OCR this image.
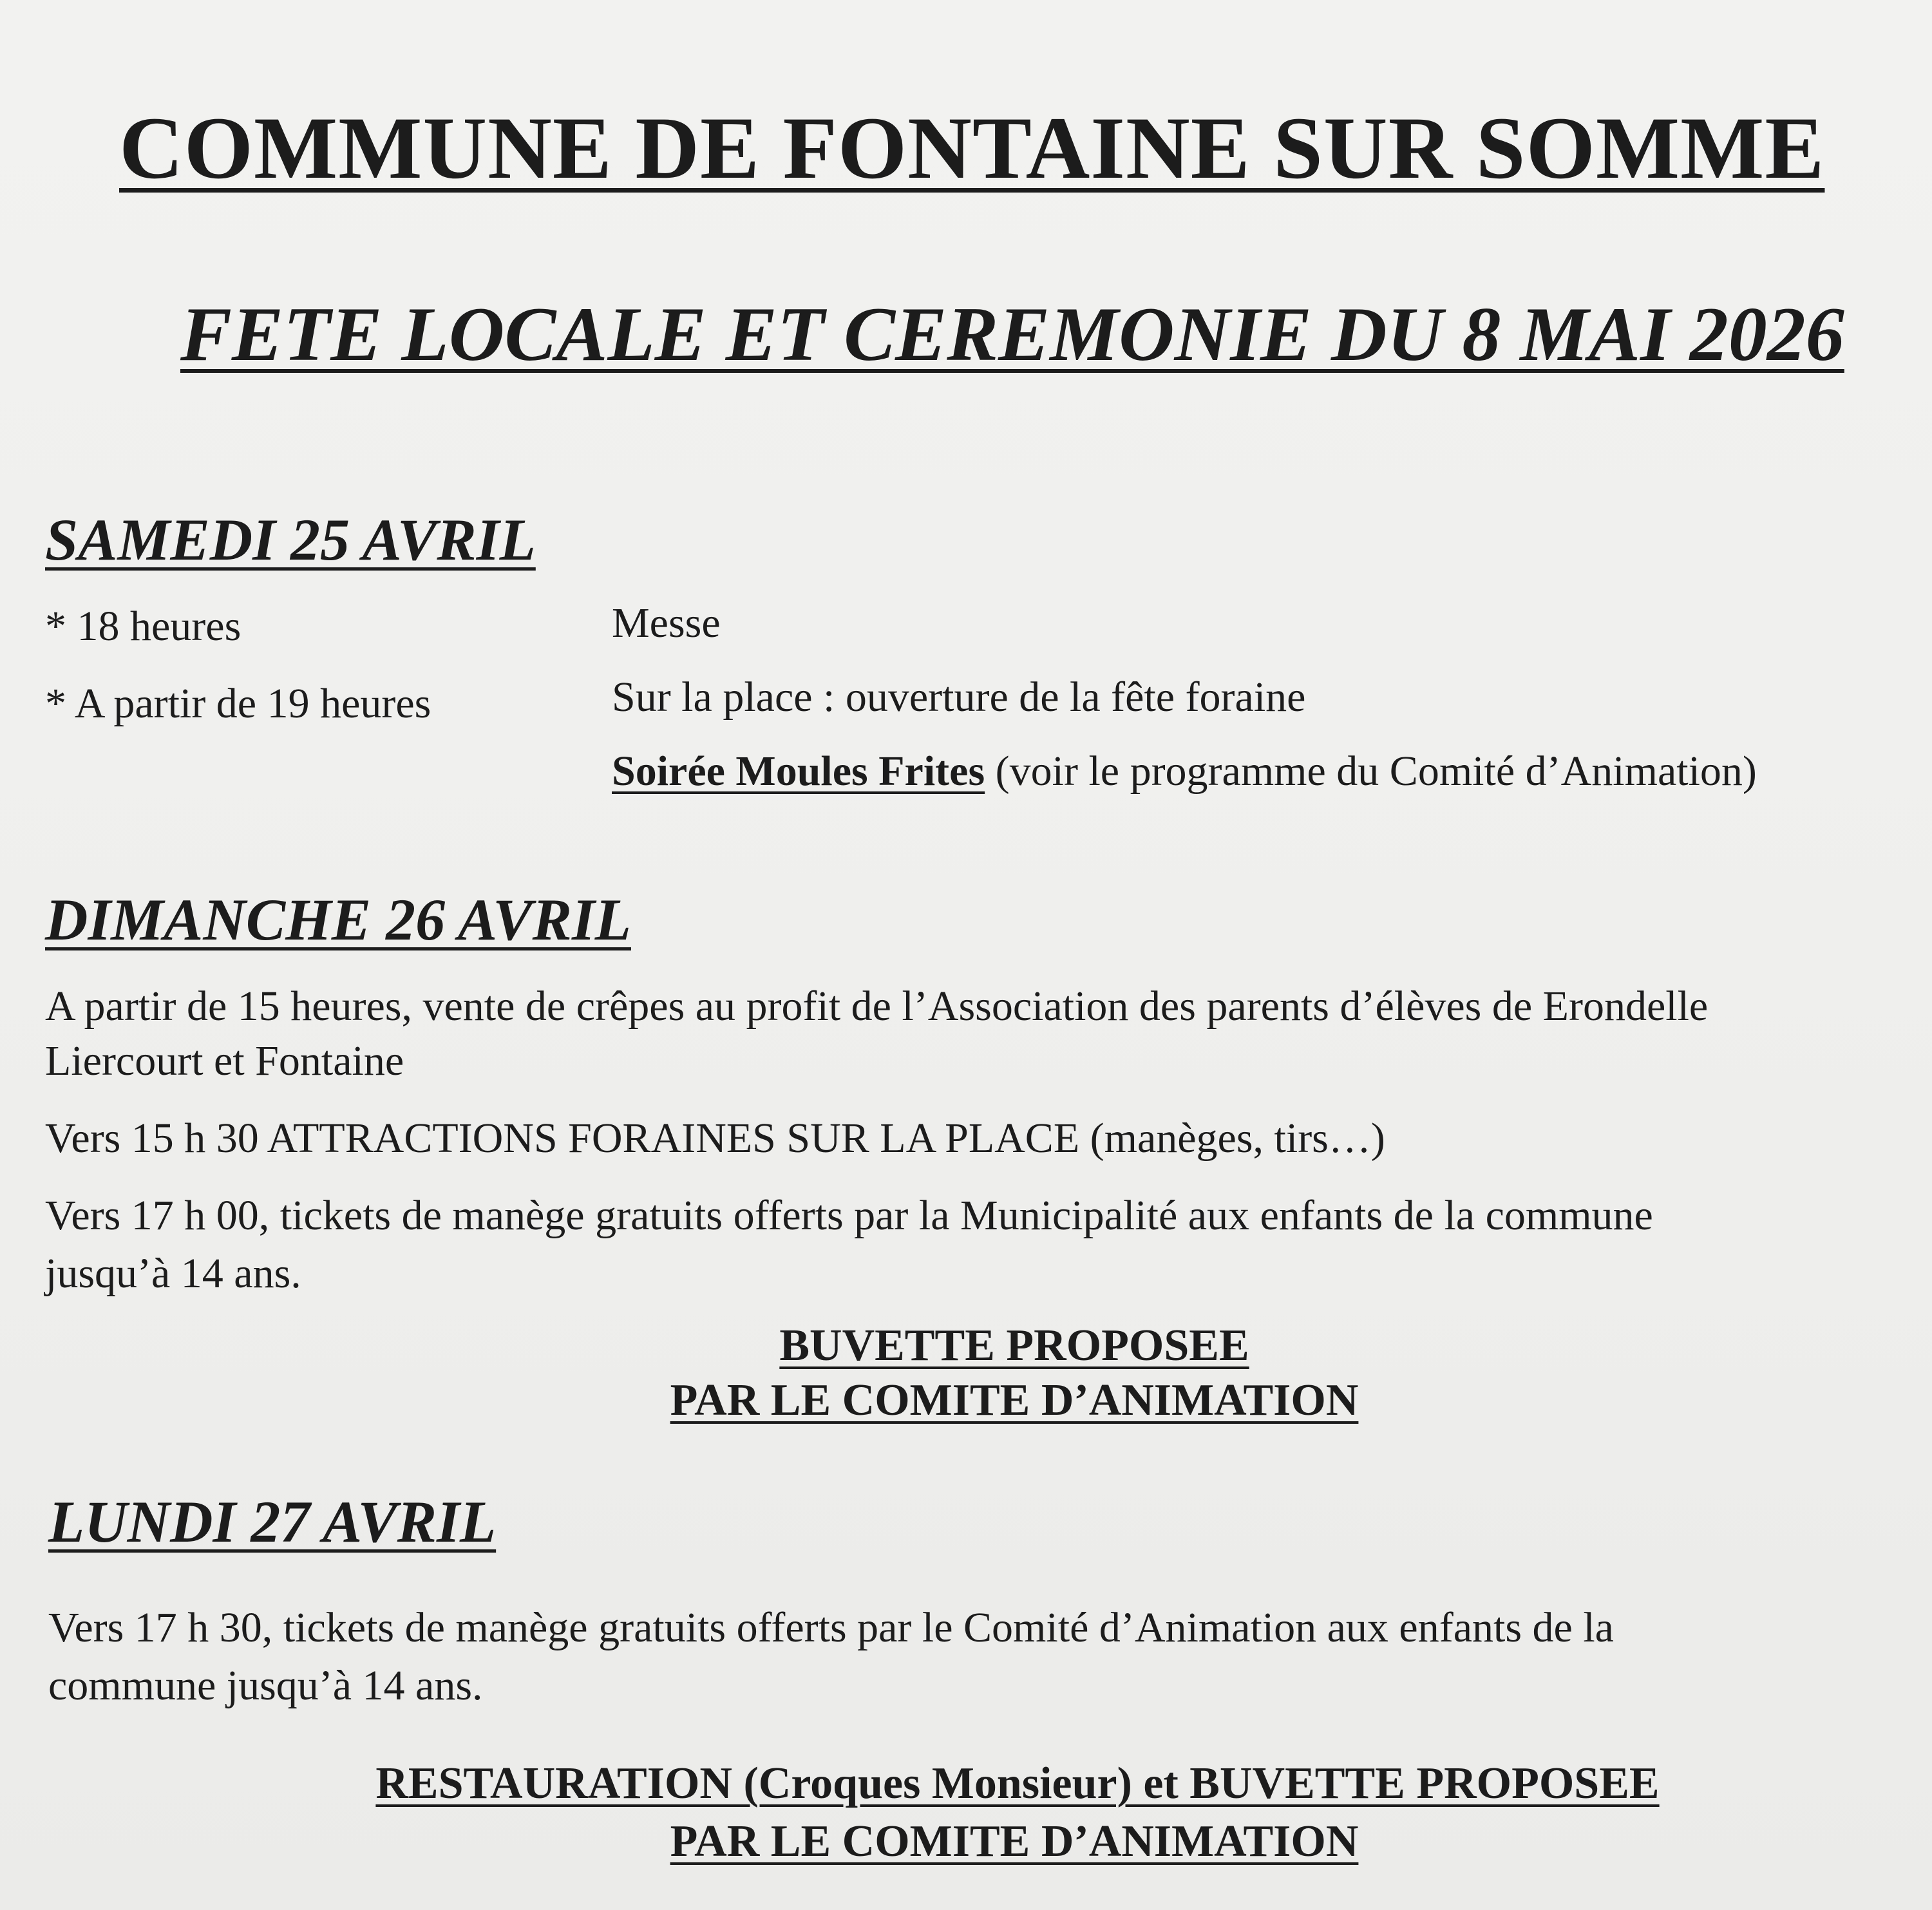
COMMUNE DE FONTAINE SUR SOMME
FETE LOCALE ET CEREMONIE DU 8 MAI 2026
SAMEDI 25 AVRIL
* 18 heures	Messe
* A partir de 19 heures	Sur la place : ouverture de la fête foraine
Soirée Moules Frites (voir le programme du Comité d’Animation)
DIMANCHE 26 AVRIL
A partir de 15 heures, vente de crêpes au profit de l’Association des parents d’élèves de Erondelle
Liercourt et Fontaine
Vers 15 h 30 ATTRACTIONS FORAINES SUR LA PLACE (manèges, tirs…)
Vers 17 h 00, tickets de manège gratuits offerts par la Municipalité aux enfants de la commune
jusqu’à 14 ans.
BUVETTE PROPOSEE
PAR LE COMITE D’ANIMATION
LUNDI 27 AVRIL
Vers 17 h 30, tickets de manège gratuits offerts par le Comité d’Animation aux enfants de la
commune jusqu’à 14 ans.
RESTAURATION (Croques Monsieur) et BUVETTE PROPOSEE
PAR LE COMITE D’ANIMATION
